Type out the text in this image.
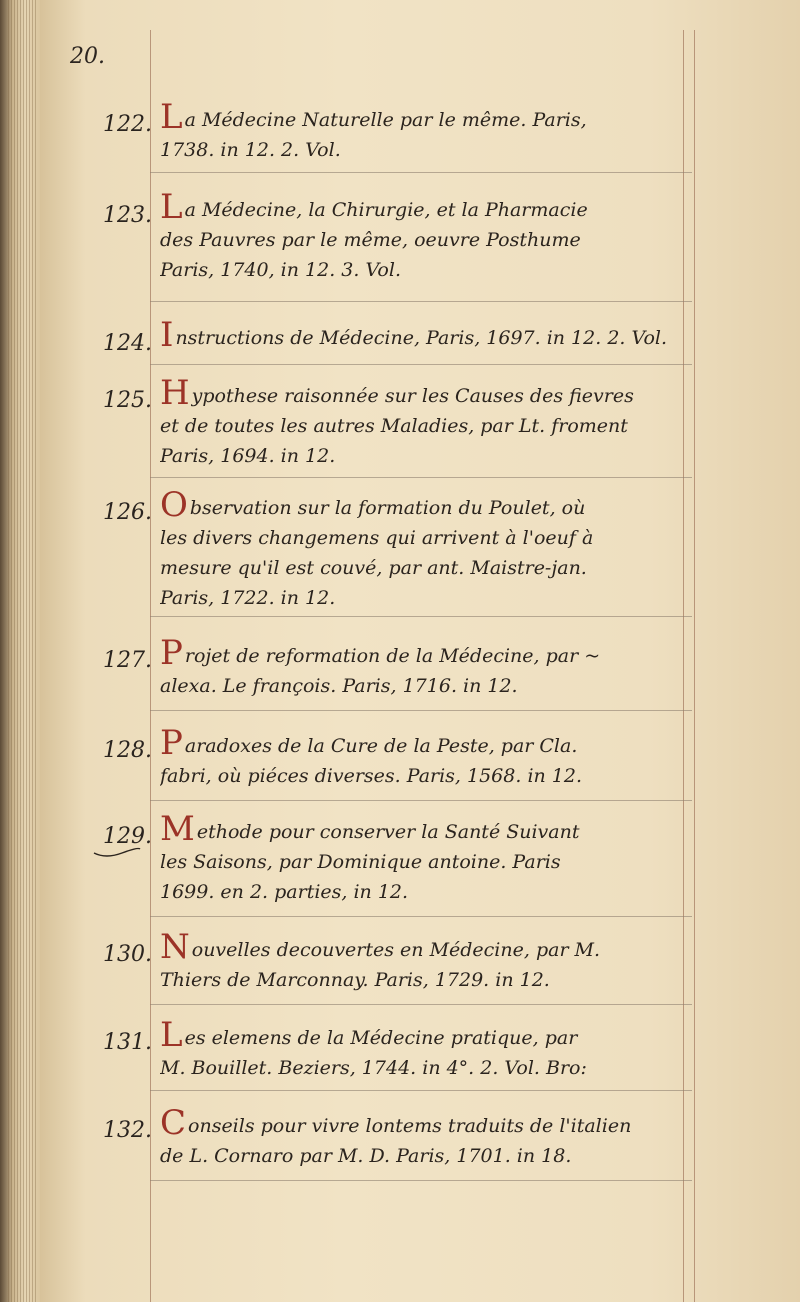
20.
122. La Médecine Naturelle par le même. Paris,
1738. in 12. 2. Vol.
123. La Médecine, la Chirurgie, et la Pharmacie
des Pauvres par le même, oeuvre Posthume
Paris, 1740, in 12. 3. Vol.
124. Instructions de Médecine, Paris, 1697. in 12. 2. Vol.
125. Hypothese raisonnée sur les Causes des fievres
et de toutes les autres Maladies, par Lt. froment
Paris, 1694. in 12.
126. Observation sur la formation du Poulet, où
les divers changemens qui arrivent à l'oeuf à
mesure qu'il est couvé, par ant. Maistre-jan.
Paris, 1722. in 12.
127. Projet de reformation de la Médecine, par ~
alexa. Le françois. Paris, 1716. in 12.
128. Paradoxes de la Cure de la Peste, par Cla.
fabri, où piéces diverses. Paris, 1568. in 12.
129. Methode pour conserver la Santé Suivant
les Saisons, par Dominique antoine. Paris
1699. en 2. parties, in 12.
130. Nouvelles decouvertes en Médecine, par M.
Thiers de Marconnay. Paris, 1729. in 12.
131. Les elemens de la Médecine pratique, par
M. Bouillet. Beziers, 1744. in 4°. 2. Vol. Bro:
132. Conseils pour vivre lontems traduits de l'italien
de L. Cornaro par M. D. Paris, 1701. in 18.
